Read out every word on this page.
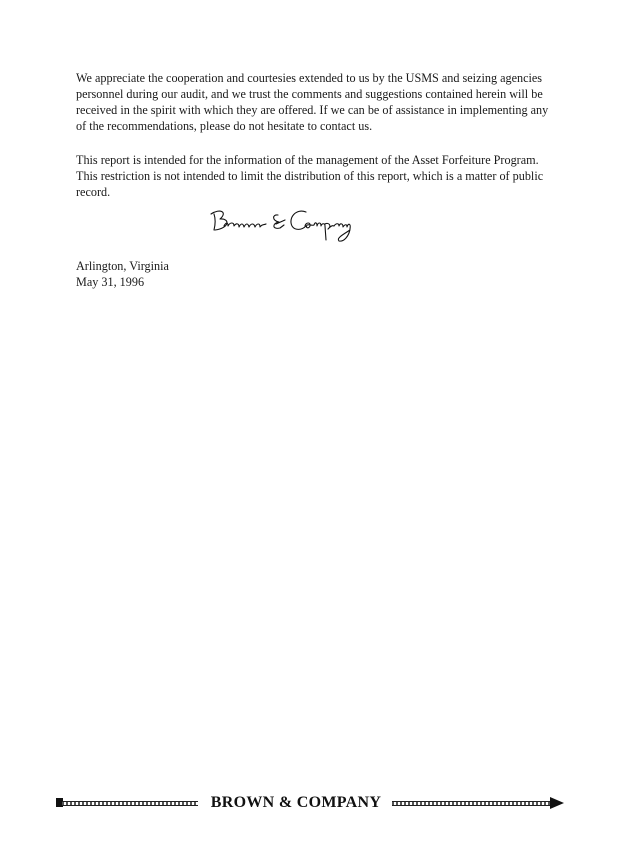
We appreciate the cooperation and courtesies extended to us by the USMS and seizing agencies personnel during our audit, and we trust the comments and suggestions contained herein will be received in the spirit with which they are offered. If we can be of assistance in implementing any of the recommendations, please do not hesitate to contact us.

This report is intended for the information of the management of the Asset Forfeiture Program. This restriction is not intended to limit the distribution of this report, which is a matter of public record.

Arlington, Virginia
May 31, 1996
BROWN & COMPANY
